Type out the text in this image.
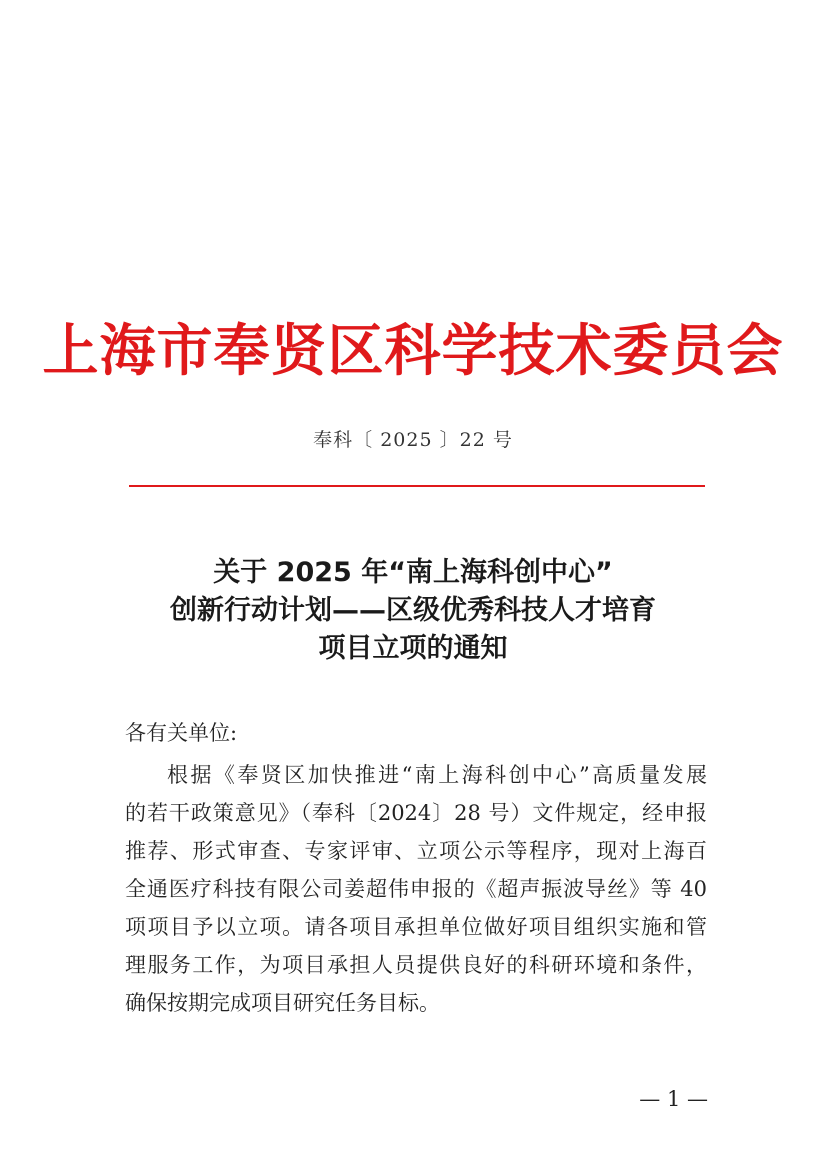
上海市奉贤区科学技术委员会
奉科〔 2025 〕22 号
关于 2025 年“南上海科创中心”
创新行动计划——区级优秀科技人才培育
项目立项的通知
各有关单位:
根据《奉贤区加快推进“南上海科创中心”高质量发展
的若干政策意见》（奉科〔2024〕28 号）文件规定，经申报
推荐、形式审查、专家评审、立项公示等程序，现对上海百
全通医疗科技有限公司姜超伟申报的《超声振波导丝》等 40
项项目予以立项。请各项目承担单位做好项目组织实施和管
理服务工作，为项目承担人员提供良好的科研环境和条件，
确保按期完成项目研究任务目标。
— 1 —
